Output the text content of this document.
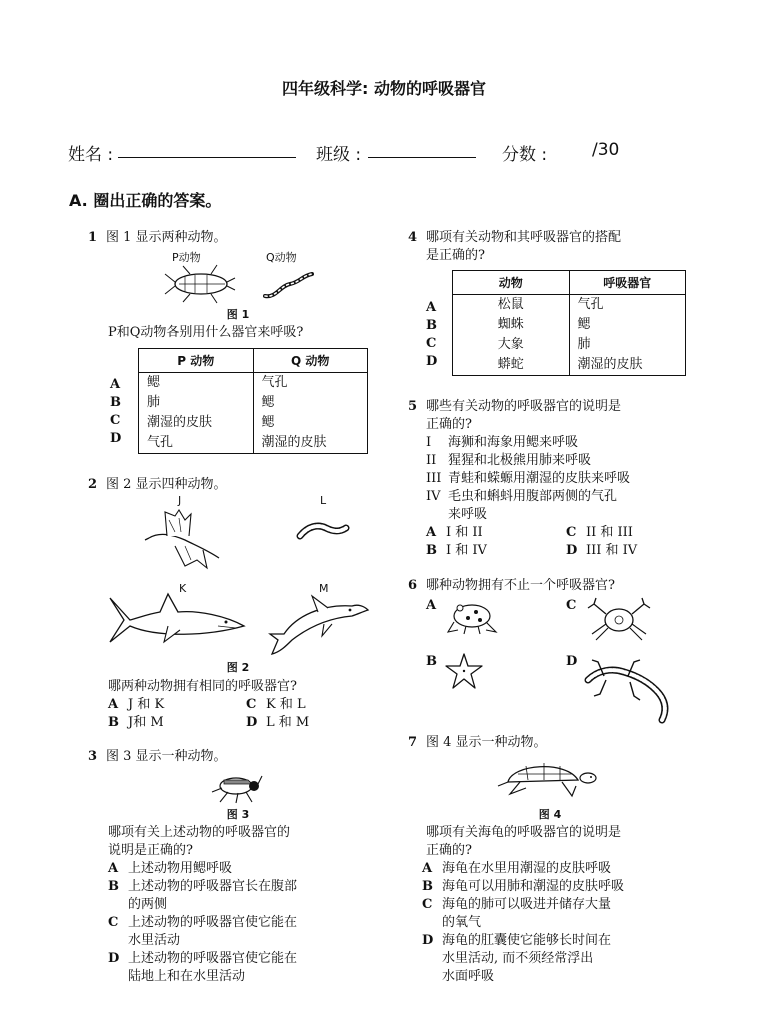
四年级科学: 动物的呼吸器官
姓名 :	班级 :	分数 :	/30
A. 圈出正确的答案。
1 图 1 显示两种动物。
P动物	Q动物
图 1
P和Q动物各别用什么器官来呼吸?
A
B
C
D
P 动物	Q 动物
鳃	气孔
肺	鳃
潮湿的皮肤	鳃
气孔	潮湿的皮肤
2 图 2 显示四种动物。
J	L
K	M
图 2
哪两种动物拥有相同的呼吸器官?
A J 和 K	C K 和 L
B J和 M	D L 和 M
3 图 3 显示一种动物。
图 3
哪项有关上述动物的呼吸器官的
说明是正确的?
A 上述动物用鳃呼吸
B 上述动物的呼吸器官长在腹部
的两侧
C 上述动物的呼吸器官使它能在
水里活动
D 上述动物的呼吸器官使它能在
陆地上和在水里活动
4 哪项有关动物和其呼吸器官的搭配
是正确的?
A
B
C
D
动物	呼吸器官
松鼠	气孔
蜘蛛	鳃
大象	肺
蟒蛇	潮湿的皮肤
5 哪些有关动物的呼吸器官的说明是
正确的?
I 海狮和海象用鳃来呼吸
II 猩猩和北极熊用肺来呼吸
III 青蛙和蝾螈用潮湿的皮肤来呼吸
IV 毛虫和蝌蚪用腹部两侧的气孔
来呼吸
A I 和 II	C II 和 III
B I 和 IV	D III 和 IV
6 哪种动物拥有不止一个呼吸器官?
A	C
B	D
7 图 4 显示一种动物。
图 4
哪项有关海龟的呼吸器官的说明是
正确的?
A 海龟在水里用潮湿的皮肤呼吸
B 海龟可以用肺和潮湿的皮肤呼吸
C 海龟的肺可以吸进并储存大量
的氧气
D 海龟的肛囊使它能够长时间在
水里活动, 而不须经常浮出
水面呼吸
